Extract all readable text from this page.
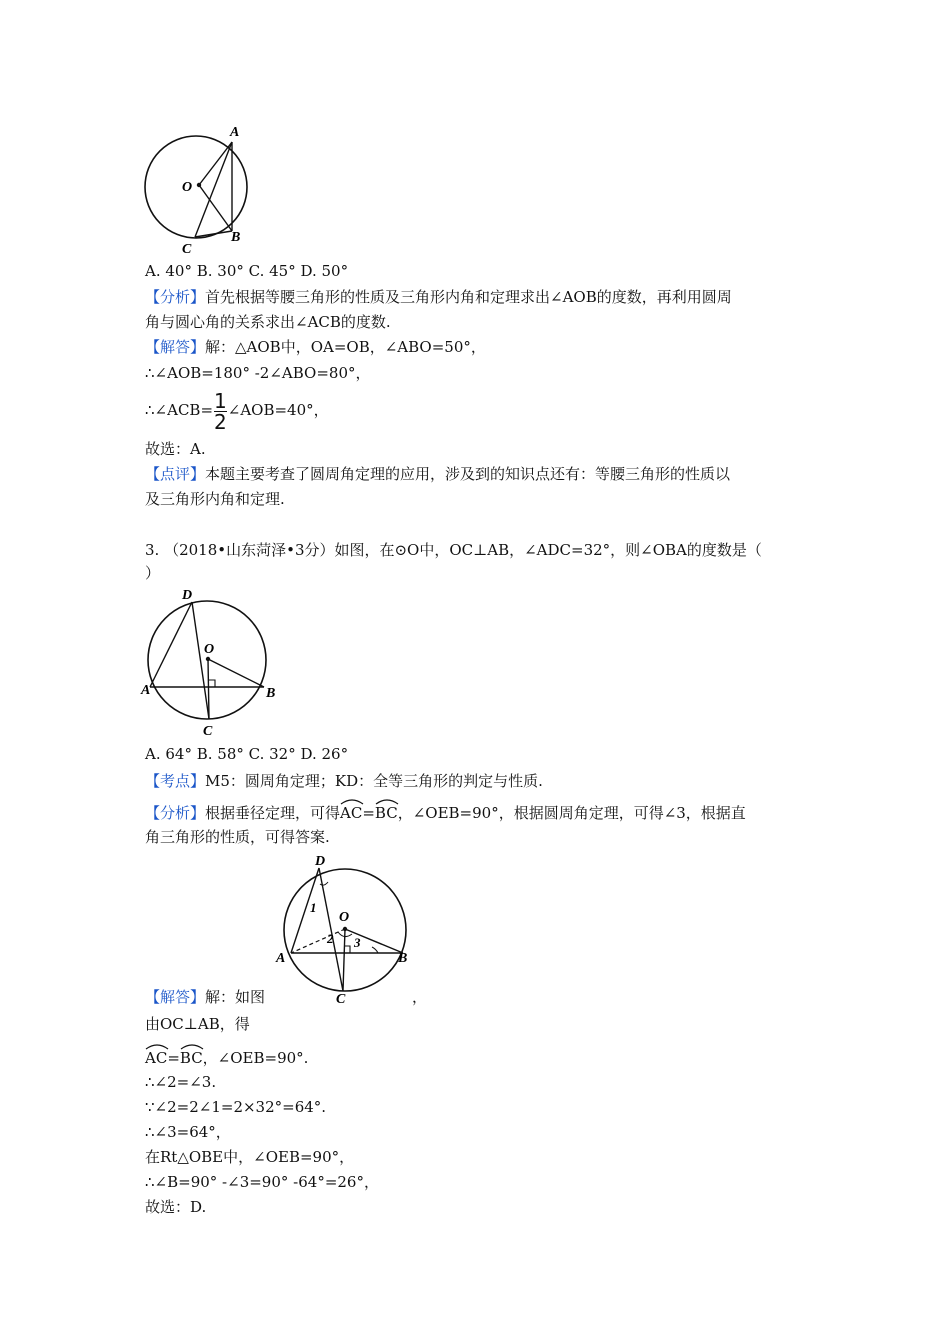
A
O
B
C
A. 40° B. 30° C. 45° D. 50°
【分析】首先根据等腰三角形的性质及三角形内角和定理求出∠AOB的度数，再利用圆周
角与圆心角的关系求出∠ACB的度数.
【解答】解：△AOB中，OA=OB，∠ABO=50°，
∴∠AOB=180° -2∠ABO=80°，
∴∠ACB= $\frac{1}{2}$ ∠AOB=40°，
故选：A.
【点评】本题主要考查了圆周角定理的应用，涉及到的知识点还有：等腰三角形的性质以
及三角形内角和定理.
3. （2018•山东菏泽•3分）如图，在⊙O中，OC⊥AB，∠ADC=32°，则∠OBA的度数是（
）
D
O
A	B
C
A. 64° B. 58° C. 32° D. 26°
【考点】M5：圆周角定理；KD：全等三角形的判定与性质.
【分析】根据垂径定理，可得
AC=
BC，∠OEB=90°，根据圆周角定理，可得∠3，根据直
角三角形的性质，可得答案.
D
O
A	B
C
1
2 3
【解答】解：如图	，
由OC⊥AB，得
AC=
BC，∠OEB=90°.
∴∠2=∠3.
∵∠2=2∠1=2×32°=64°.
∴∠3=64°，
在Rt△OBE中，∠OEB=90°，
∴∠B=90° -∠3=90° -64°=26°，
故选：D.
